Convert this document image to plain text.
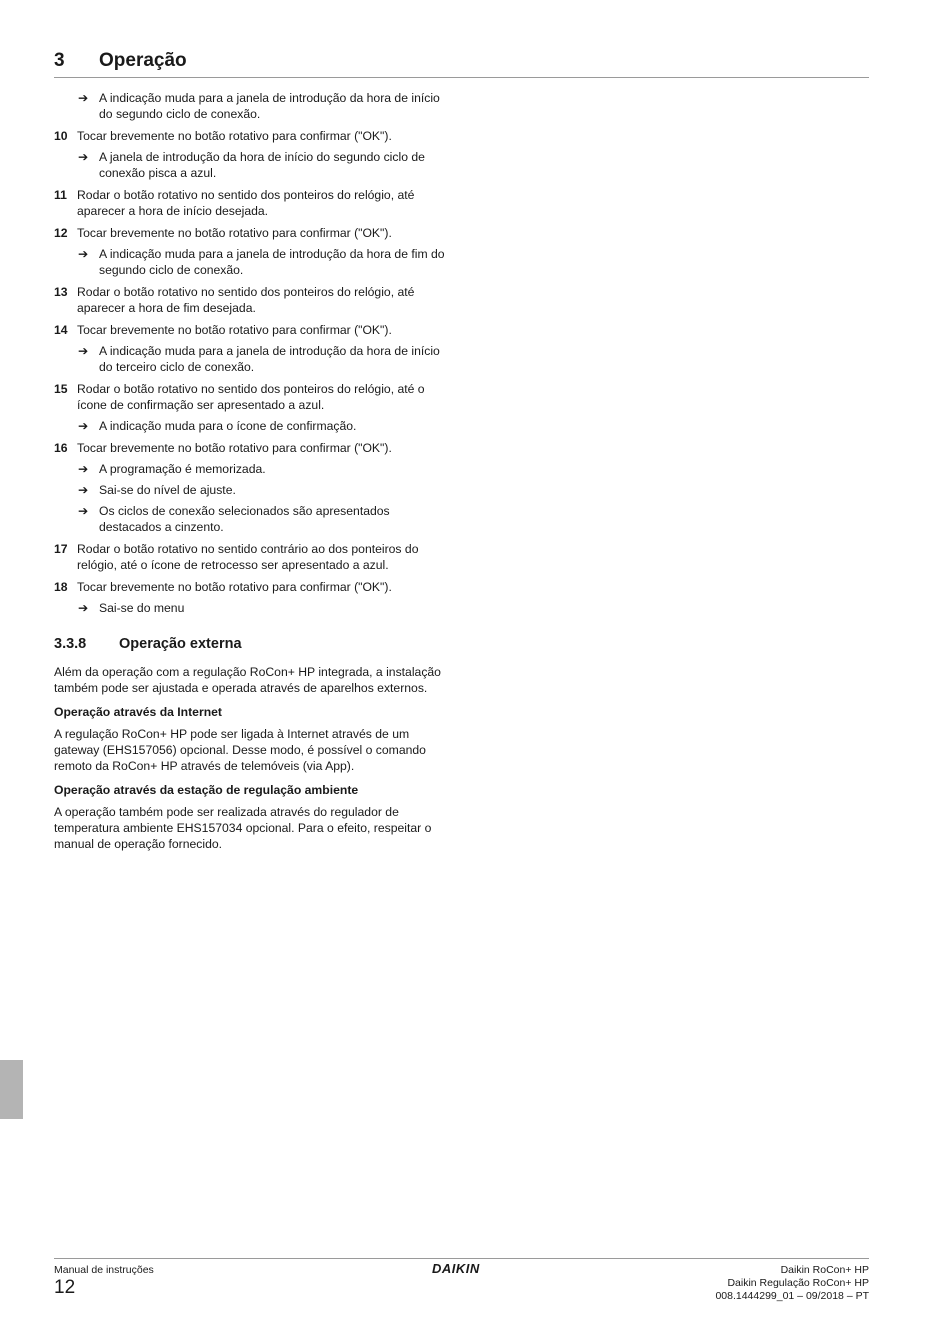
3 Operação
➔ A indicação muda para a janela de introdução da hora de início do segundo ciclo de conexão.
10 Tocar brevemente no botão rotativo para confirmar ("OK").
➔ A janela de introdução da hora de início do segundo ciclo de conexão pisca a azul.
11 Rodar o botão rotativo no sentido dos ponteiros do relógio, até aparecer a hora de início desejada.
12 Tocar brevemente no botão rotativo para confirmar ("OK").
➔ A indicação muda para a janela de introdução da hora de fim do segundo ciclo de conexão.
13 Rodar o botão rotativo no sentido dos ponteiros do relógio, até aparecer a hora de fim desejada.
14 Tocar brevemente no botão rotativo para confirmar ("OK").
➔ A indicação muda para a janela de introdução da hora de início do terceiro ciclo de conexão.
15 Rodar o botão rotativo no sentido dos ponteiros do relógio, até o ícone de confirmação ser apresentado a azul.
➔ A indicação muda para o ícone de confirmação.
16 Tocar brevemente no botão rotativo para confirmar ("OK").
➔ A programação é memorizada.
➔ Sai-se do nível de ajuste.
➔ Os ciclos de conexão selecionados são apresentados destacados a cinzento.
17 Rodar o botão rotativo no sentido contrário ao dos ponteiros do relógio, até o ícone de retrocesso ser apresentado a azul.
18 Tocar brevemente no botão rotativo para confirmar ("OK").
➔ Sai-se do menu
3.3.8 Operação externa
Além da operação com a regulação RoCon+ HP integrada, a instalação também pode ser ajustada e operada através de aparelhos externos.
Operação através da Internet
A regulação RoCon+ HP pode ser ligada à Internet através de um gateway (EHS157056) opcional. Desse modo, é possível o comando remoto da RoCon+ HP através de telemóveis (via App).
Operação através da estação de regulação ambiente
A operação também pode ser realizada através do regulador de temperatura ambiente EHS157034 opcional. Para o efeito, respeitar o manual de operação fornecido.
Manual de instruções
12
DAIKIN	Daikin RoCon+ HP
Daikin Regulação RoCon+ HP
008.1444299_01 – 09/2018 – PT
